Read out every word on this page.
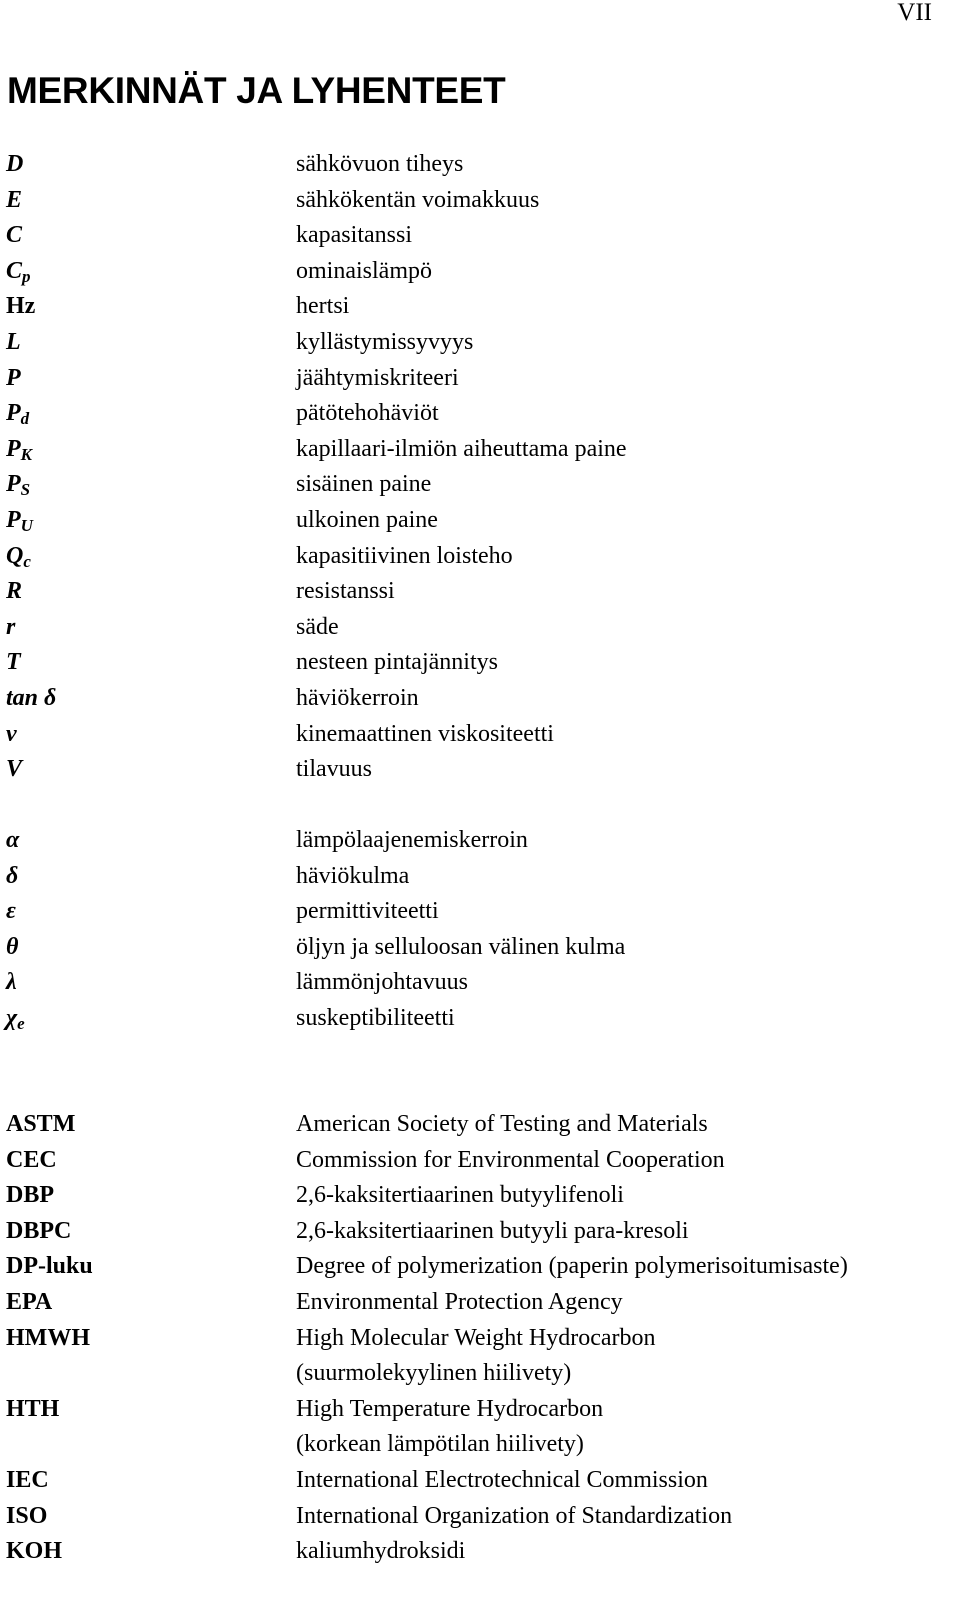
VII
MERKINNÄT JA LYHENTEET
D	sähkövuon tiheys
E	sähkökentän voimakkuus
C	kapasitanssi
$C_p$	ominaislämpö
Hz	hertsi
L	kyllästymissyvyys
P	jäähtymiskriteeri
$P_d$	pätötehohäviöt
$P_K$	kapillaari-ilmiön aiheuttama paine
$P_S$	sisäinen paine
$P_U$	ulkoinen paine
$Q_c$	kapasitiivinen loisteho
R	resistanssi
r	säde
T	nesteen pintajännitys
tan δ	häviökerroin
ν	kinemaattinen viskositeetti
V	tilavuus
α	lämpölaajenemiskerroin
δ	häviökulma
ε	permittiviteetti
θ	öljyn ja selluloosan välinen kulma
λ	lämmönjohtavuus
$\chi_e$	suskeptibiliteetti
ASTM	American Society of Testing and Materials
CEC	Commission for Environmental Cooperation
DBP	2,6-kaksitertiaarinen butyylifenoli
DBPC	2,6-kaksitertiaarinen butyyli para-kresoli
DP-luku	Degree of polymerization (paperin polymerisoitumisaste)
EPA	Environmental Protection Agency
HMWH	High Molecular Weight Hydrocarbon
(suurmolekyylinen hiilivety)
HTH	High Temperature Hydrocarbon
(korkean lämpötilan hiilivety)
IEC	International Electrotechnical Commission
ISO	International Organization of Standardization
KOH	kaliumhydroksidi
